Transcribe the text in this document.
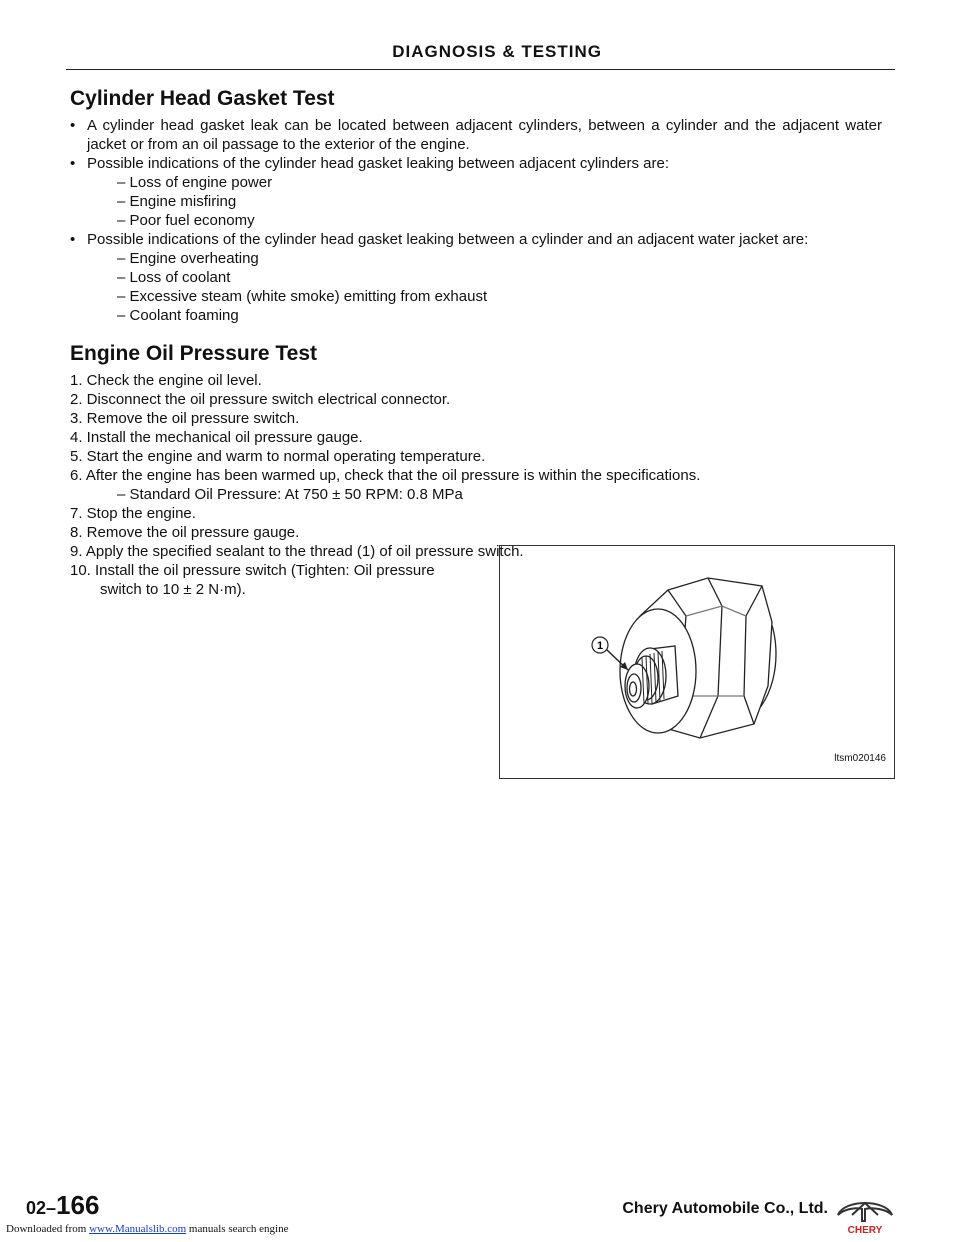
DIAGNOSIS & TESTING
Cylinder Head Gasket Test
• A cylinder head gasket leak can be located between adjacent cylinders, between a cylinder and the adjacent water jacket or from an oil passage to the exterior of the engine.
• Possible indications of the cylinder head gasket leaking between adjacent cylinders are:
– Loss of engine power
– Engine misfiring
– Poor fuel economy
• Possible indications of the cylinder head gasket leaking between a cylinder and an adjacent water jacket are:
– Engine overheating
– Loss of coolant
– Excessive steam (white smoke) emitting from exhaust
– Coolant foaming
Engine Oil Pressure Test
1. Check the engine oil level.
2. Disconnect the oil pressure switch electrical connector.
3. Remove the oil pressure switch.
4. Install the mechanical oil pressure gauge.
5. Start the engine and warm to normal operating temperature.
6. After the engine has been warmed up, check that the oil pressure is within the specifications.
– Standard Oil Pressure: At 750 ± 50 RPM: 0.8 MPa
7. Stop the engine.
8. Remove the oil pressure gauge.
9. Apply the specified sealant to the thread (1) of oil pressure switch.
10. Install the oil pressure switch (Tighten: Oil pressure switch to 10 ± 2 N·m).
1
ltsm020146
02–166	Chery Automobile Co., Ltd.
CHERY
Downloaded from www.Manualslib.com manuals search engine
